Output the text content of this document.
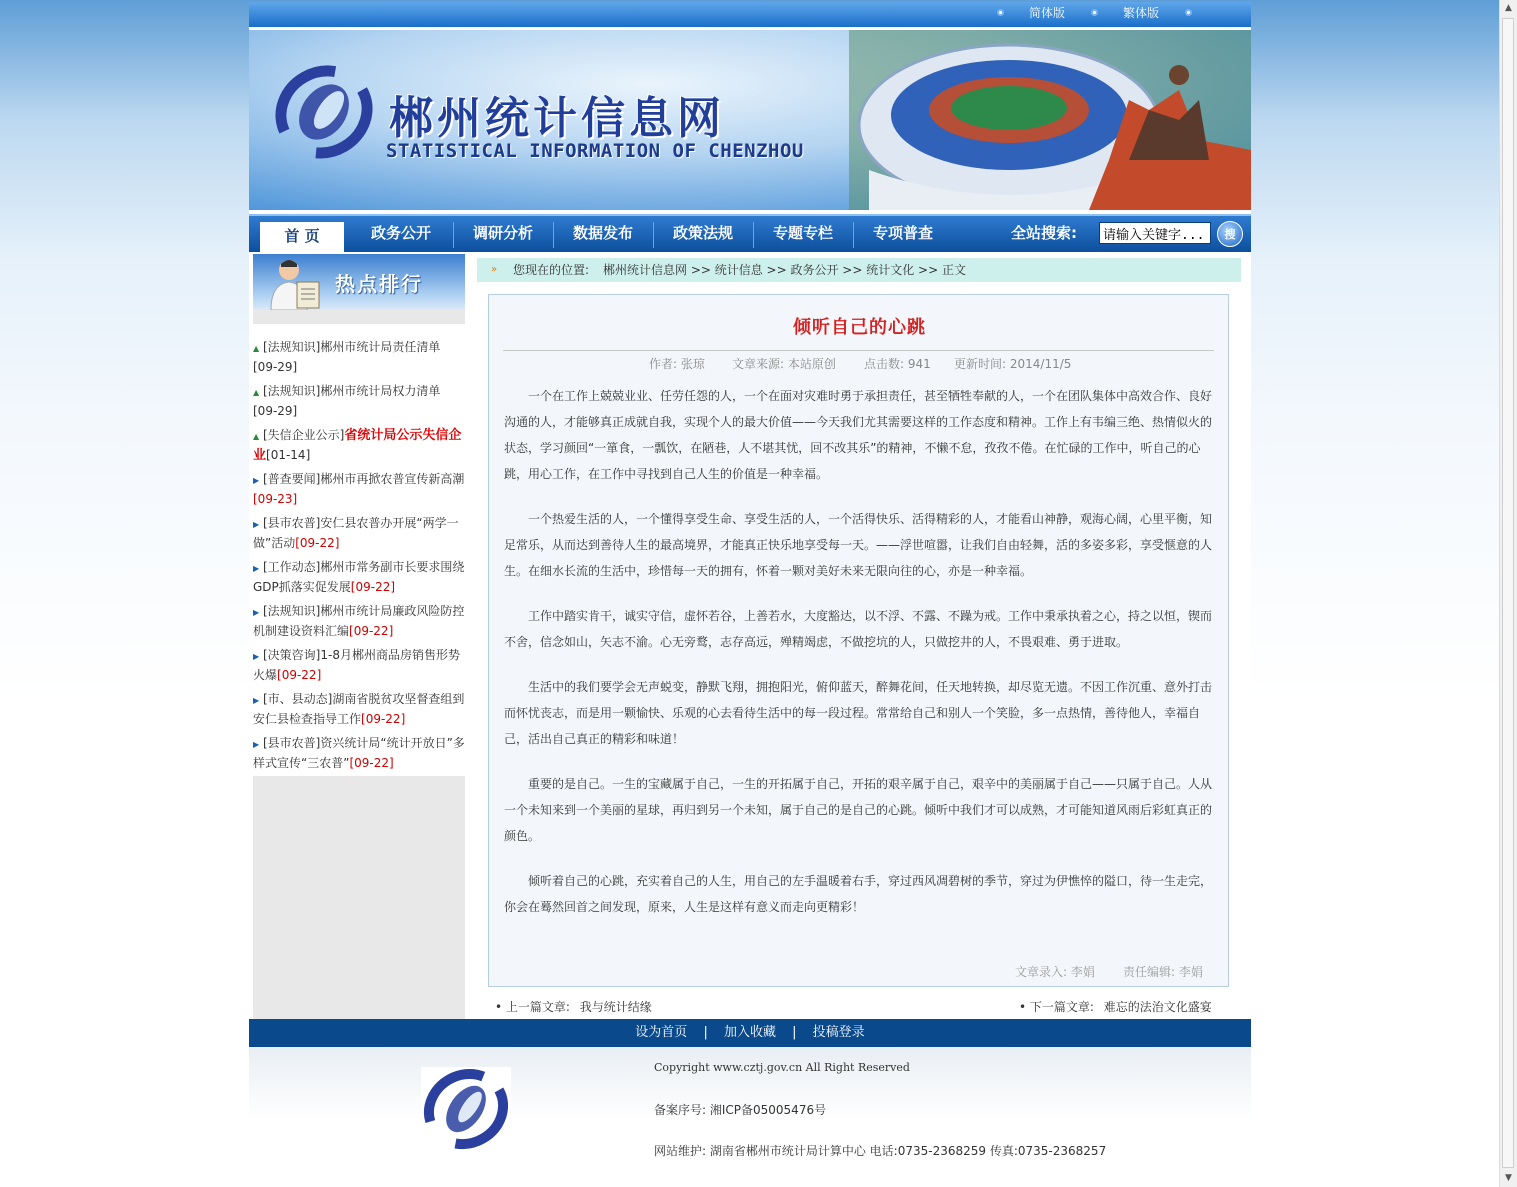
▲
▼
简体版	繁体版
郴州统计信息网
STATISTICAL INFORMATION OF CHENZHOU
首 页	政务公开	调研分析	数据发布	政策法规	专题专栏	专项普查	全站搜索:
请输入关键字...	搜
热点排行
▲ [法规知识]郴州市统计局责任清单
[09-29]
▲ [法规知识]郴州市统计局权力清单
[09-29]
▲ [失信企业公示]省统计局公示失信企业[01-14]
▶ [普查要闻]郴州市再掀农普宣传新高潮[09-23]
▶ [县市农普]安仁县农普办开展“两学一做”活动[09-22]
▶ [工作动态]郴州市常务副市长要求围绕GDP抓落实促发展[09-22]
▶ [法规知识]郴州市统计局廉政风险防控机制建设资料汇编[09-22]
▶ [决策咨询]1-8月郴州商品房销售形势火爆[09-22]
▶ [市、县动态]湖南省脱贫攻坚督查组到安仁县检查指导工作[09-22]
▶ [县市农普]资兴统计局“统计开放日”多样式宣传“三农普”[09-22]
» 您现在的位置: 郴州统计信息网 >> 统计信息 >> 政务公开 >> 统计文化 >> 正文
倾听自己的心跳
作者: 张琼 文章来源: 本站原创 点击数: 941 更新时间: 2014/11/5

一个在工作上兢兢业业、任劳任怨的人，一个在面对灾难时勇于承担责任，甚至牺牲奉献的人，一个在团队集体中高效合作、良好沟通的人，才能够真正成就自我，实现个人的最大价值——今天我们尤其需要这样的工作态度和精神。工作上有韦编三绝、热情似火的状态，学习颜回“一箪食，一瓢饮，在陋巷，人不堪其忧，回不改其乐”的精神，不懒不怠，孜孜不倦。在忙碌的工作中，听自己的心跳，用心工作，在工作中寻找到自己人生的价值是一种幸福。

一个热爱生活的人，一个懂得享受生命、享受生活的人，一个活得快乐、活得精彩的人，才能看山神静，观海心阔，心里平衡，知足常乐，从而达到善待人生的最高境界，才能真正快乐地享受每一天。——浮世喧嚣，让我们自由轻舞，活的多姿多彩，享受惬意的人生。在细水长流的生活中，珍惜每一天的拥有，怀着一颗对美好未来无限向往的心，亦是一种幸福。

工作中踏实肯干，诚实守信，虚怀若谷，上善若水，大度豁达，以不浮、不露、不躁为戒。工作中秉承执着之心，持之以恒，锲而不舍，信念如山，矢志不渝。心无旁鹜，志存高远，殚精竭虑，不做挖坑的人，只做挖井的人，不畏艰难、勇于进取。

生活中的我们要学会无声蜕变，静默飞翔，拥抱阳光，俯仰蓝天，醉舞花间，任天地转换，却尽览无遗。不因工作沉重、意外打击而怀忧丧志，而是用一颗愉快、乐观的心去看待生活中的每一段过程。常常给自己和别人一个笑脸，多一点热情，善待他人，幸福自己，活出自己真正的精彩和味道！

重要的是自己。一生的宝藏属于自己，一生的开拓属于自己，开拓的艰辛属于自己，艰辛中的美丽属于自己——只属于自己。人从一个未知来到一个美丽的星球，再归到另一个未知，属于自己的是自己的心跳。倾听中我们才可以成熟，才可能知道风雨后彩虹真正的颜色。

倾听着自己的心跳，充实着自己的人生，用自己的左手温暖着右手，穿过西风凋碧树的季节，穿过为伊憔悴的隘口，待一生走完，你会在蓦然回首之间发现，原来，人生是这样有意义而走向更精彩！

文章录入: 李娟 责任编辑: 李娟
• 上一篇文章: 我与统计结缘	• 下一篇文章: 难忘的法治文化盛宴
设为首页 | 加入收藏 | 投稿登录
Copyright www.cztj.gov.cn All Right Reserved
备案序号: 湘ICP备05005476号
网站维护: 湖南省郴州市统计局计算中心 电话:0735-2368259 传真:0735-2368257
